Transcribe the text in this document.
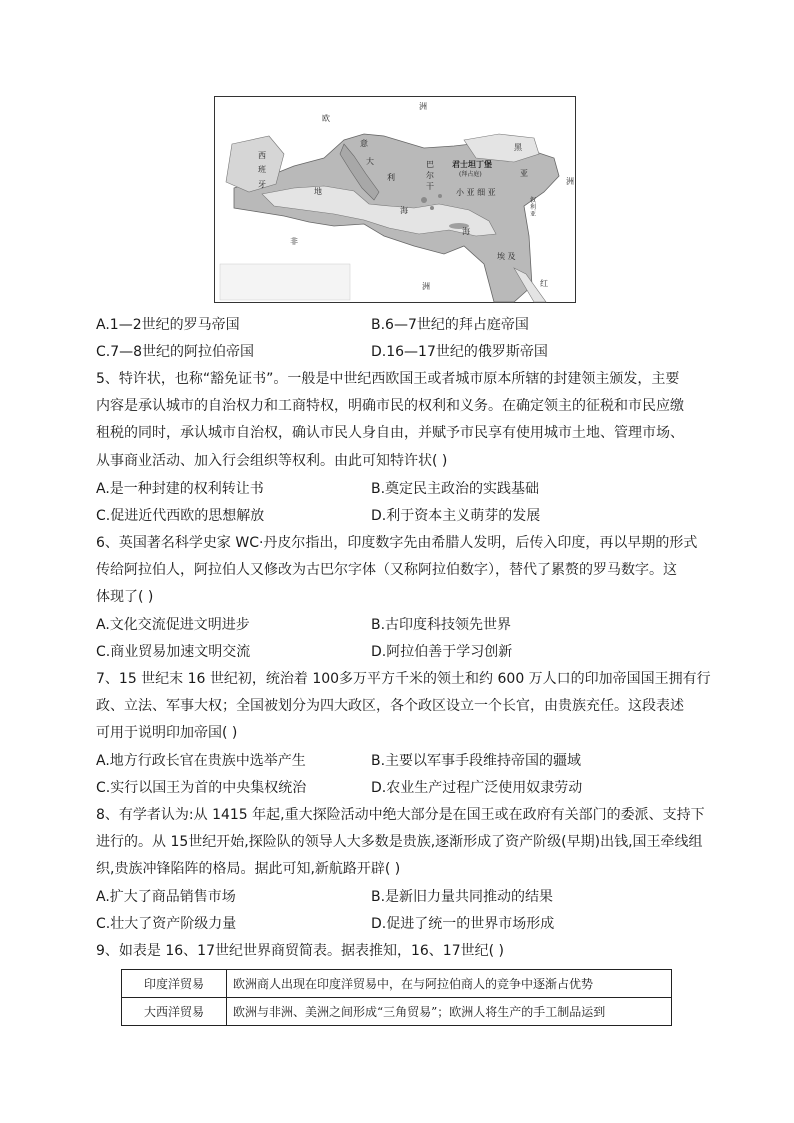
欧
洲
西
班
牙
意
大
利
巴
尔
干
君士坦丁堡
(拜占庭)
黑
小 亚 细 亚
亚
叙
利
亚
洲
地
海
海
非
埃 及
洲	红
A.1—2世纪的罗马帝国	B.6—7世纪的拜占庭帝国
C.7—8世纪的阿拉伯帝国	D.16—17世纪的俄罗斯帝国
5、特许状，也称“豁免证书”。一般是中世纪西欧国王或者城市原本所辖的封建领主颁发，主要
内容是承认城市的自治权力和工商特权，明确市民的权利和义务。在确定领主的征税和市民应缴
租税的同时，承认城市自治权，确认市民人身自由，并赋予市民享有使用城市土地、管理市场、
从事商业活动、加入行会组织等权利。由此可知特许状( )
A.是一种封建的权利转让书	B.奠定民主政治的实践基础
C.促进近代西欧的思想解放	D.利于资本主义萌芽的发展
6、英国著名科学史家 WC·丹皮尔指出，印度数字先由希腊人发明，后传入印度，再以早期的形式
传给阿拉伯人，阿拉伯人又修改为古巴尔字体（又称阿拉伯数字），替代了累赘的罗马数字。这
体现了( )
A.文化交流促进文明进步	B.古印度科技领先世界
C.商业贸易加速文明交流	D.阿拉伯善于学习创新
7、15 世纪末 16 世纪初，统治着 100多万平方千米的领土和约 600 万人口的印加帝国国王拥有行
政、立法、军事大权；全国被划分为四大政区，各个政区设立一个长官，由贵族充任。这段表述
可用于说明印加帝国( )
A.地方行政长官在贵族中选举产生	B.主要以军事手段维持帝国的疆域
C.实行以国王为首的中央集权统治	D.农业生产过程广泛使用奴隶劳动
8、有学者认为:从 1415 年起,重大探险活动中绝大部分是在国王或在政府有关部门的委派、支持下
进行的。从 15世纪开始,探险队的领导人大多数是贵族,逐渐形成了资产阶级(早期)出钱,国王牵线组
织,贵族冲锋陷阵的格局。据此可知,新航路开辟( )
A.扩大了商品销售市场	B.是新旧力量共同推动的结果
C.壮大了资产阶级力量	D.促进了统一的世界市场形成
9、如表是 16、17世纪世界商贸简表。据表推知，16、17世纪( )
印度洋贸易	欧洲商人出现在印度洋贸易中，在与阿拉伯商人的竞争中逐渐占优势
大西洋贸易	欧洲与非洲、美洲之间形成“三角贸易”；欧洲人将生产的手工制品运到
